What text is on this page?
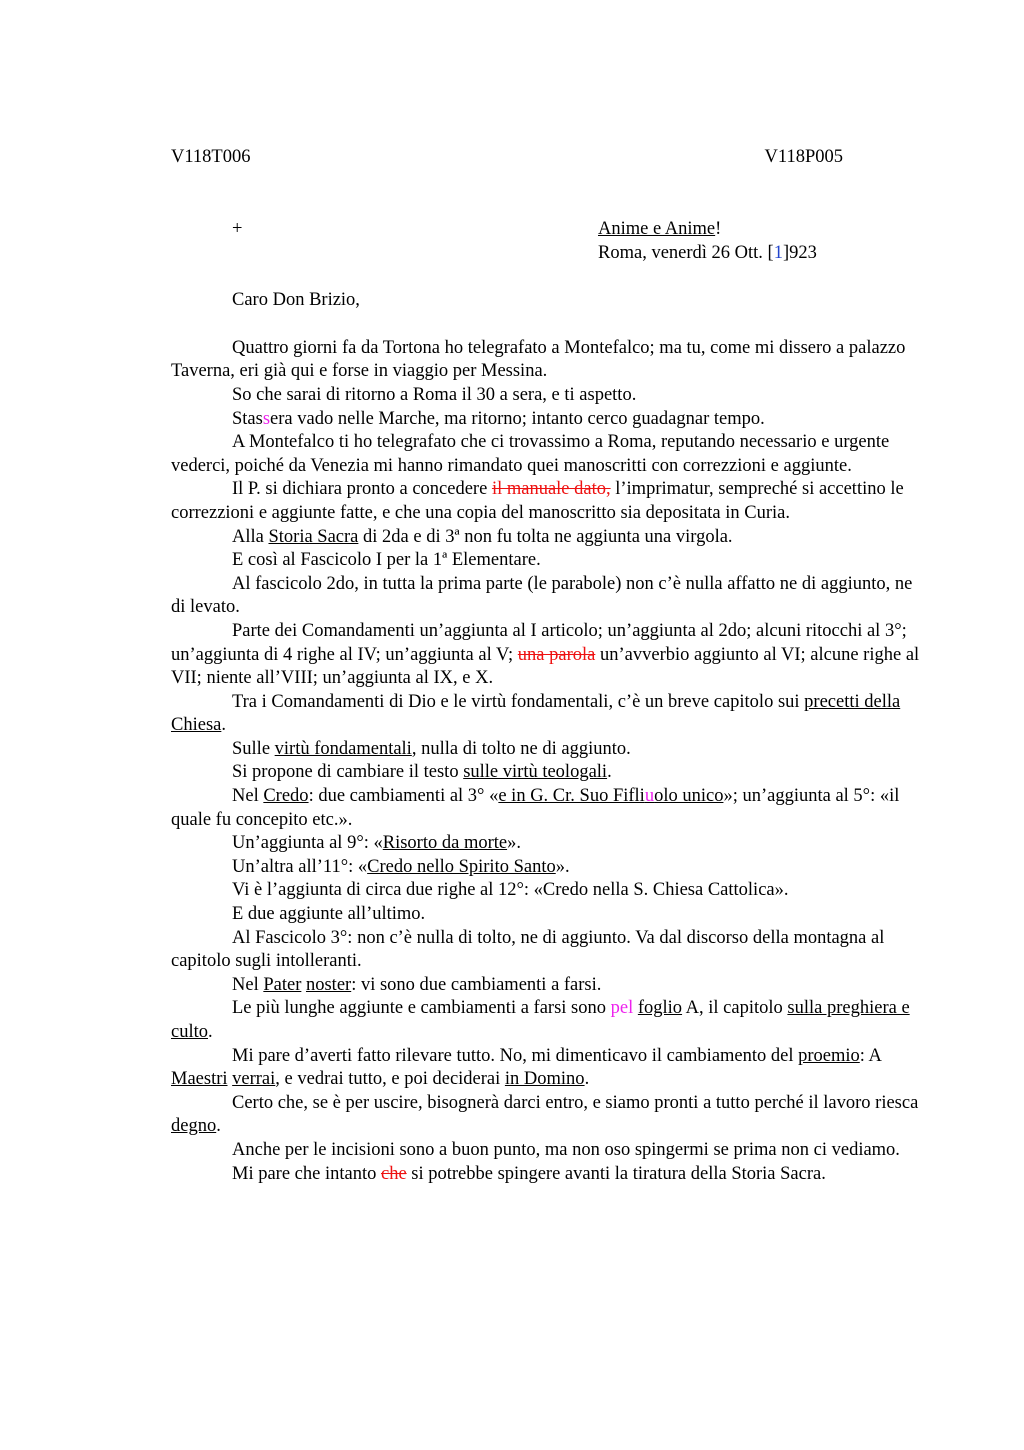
V118T006	V118P005
+	Anime e Anime!
Roma, venerdì 26 Ott. [1]923
Caro Don Brizio,

Quattro giorni fa da Tortona ho telegrafato a Montefalco; ma tu, come mi dissero a palazzo Taverna, eri già qui e forse in viaggio per Messina.

So che sarai di ritorno a Roma il 30 a sera, e ti aspetto.

Stassera vado nelle Marche, ma ritorno; intanto cerco guadagnar tempo.

A Montefalco ti ho telegrafato che ci trovassimo a Roma, reputando necessario e urgente vederci, poiché da Venezia mi hanno rimandato quei manoscritti con correzzioni e aggiunte.

Il P. si dichiara pronto a concedere il manuale dato, l’imprimatur, sempreché si accettino le correzzioni e aggiunte fatte, e che una copia del manoscritto sia depositata in Curia.

Alla Storia Sacra di 2da e di 3ª non fu tolta ne aggiunta una virgola.

E così al Fascicolo I per la 1ª Elementare.

Al fascicolo 2do, in tutta la prima parte (le parabole) non c’è nulla affatto ne di aggiunto, ne di levato.

Parte dei Comandamenti un’aggiunta al I articolo; un’aggiunta al 2do; alcuni ritocchi al 3°; un’aggiunta di 4 righe al IV; un’aggiunta al V; una parola un’avverbio aggiunto al VI; alcune righe al VII; niente all’VIII; un’aggiunta al IX, e X.

Tra i Comandamenti di Dio e le virtù fondamentali, c’è un breve capitolo sui precetti della Chiesa.

Sulle virtù fondamentali, nulla di tolto ne di aggiunto.

Si propone di cambiare il testo sulle virtù teologali.

Nel Credo: due cambiamenti al 3° «e in G. Cr. Suo Fifliuolo unico»; un’aggiunta al 5°: «il quale fu concepito etc.».

Un’aggiunta al 9°: «Risorto da morte».

Un’altra all’11°: «Credo nello Spirito Santo».

Vi è l’aggiunta di circa due righe al 12°: «Credo nella S. Chiesa Cattolica».

E due aggiunte all’ultimo.

Al Fascicolo 3°: non c’è nulla di tolto, ne di aggiunto. Va dal discorso della montagna al capitolo sugli intolleranti.

Nel Pater noster: vi sono due cambiamenti a farsi.

Le più lunghe aggiunte e cambiamenti a farsi sono pel foglio A, il capitolo sulla preghiera e culto.

Mi pare d’averti fatto rilevare tutto. No, mi dimenticavo il cambiamento del proemio: A Maestri verrai, e vedrai tutto, e poi deciderai in Domino.

Certo che, se è per uscire, bisognerà darci entro, e siamo pronti a tutto perché il lavoro riesca degno.

Anche per le incisioni sono a buon punto, ma non oso spingermi se prima non ci vediamo.

Mi pare che intanto che si potrebbe spingere avanti la tiratura della Storia Sacra.
